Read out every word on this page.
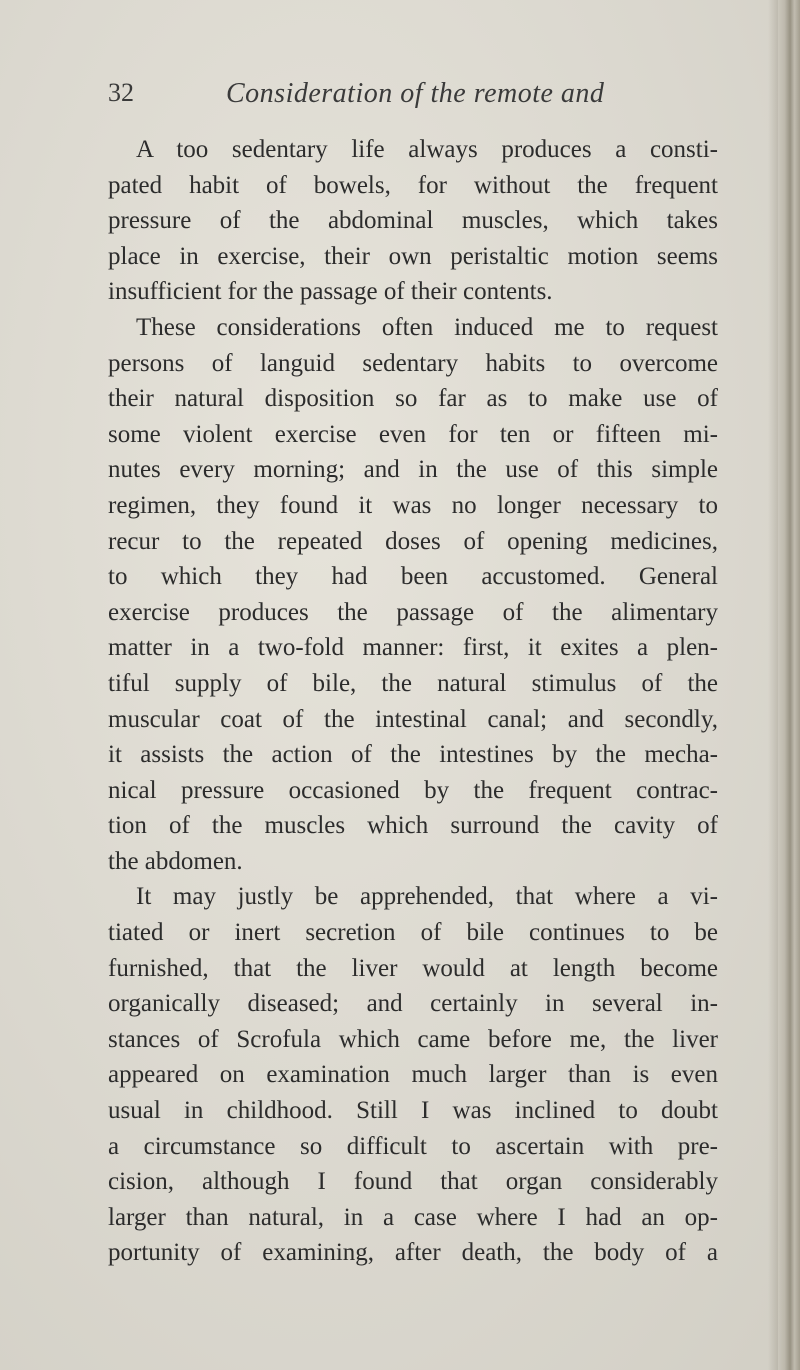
32	Consideration of the remote and
A too sedentary life always produces a consti-
pated habit of bowels, for without the frequent
pressure of the abdominal muscles, which takes
place in exercise, their own peristaltic motion seems
insufficient for the passage of their contents.
These considerations often induced me to request
persons of languid sedentary habits to overcome
their natural disposition so far as to make use of
some violent exercise even for ten or fifteen mi-
nutes every morning; and in the use of this simple
regimen, they found it was no longer necessary to
recur to the repeated doses of opening medicines,
to which they had been accustomed. General
exercise produces the passage of the alimentary
matter in a two-fold manner: first, it exites a plen-
tiful supply of bile, the natural stimulus of the
muscular coat of the intestinal canal; and secondly,
it assists the action of the intestines by the mecha-
nical pressure occasioned by the frequent contrac-
tion of the muscles which surround the cavity of
the abdomen.
It may justly be apprehended, that where a vi-
tiated or inert secretion of bile continues to be
furnished, that the liver would at length become
organically diseased; and certainly in several in-
stances of Scrofula which came before me, the liver
appeared on examination much larger than is even
usual in childhood. Still I was inclined to doubt
a circumstance so difficult to ascertain with pre-
cision, although I found that organ considerably
larger than natural, in a case where I had an op-
portunity of examining, after death, the body of a
